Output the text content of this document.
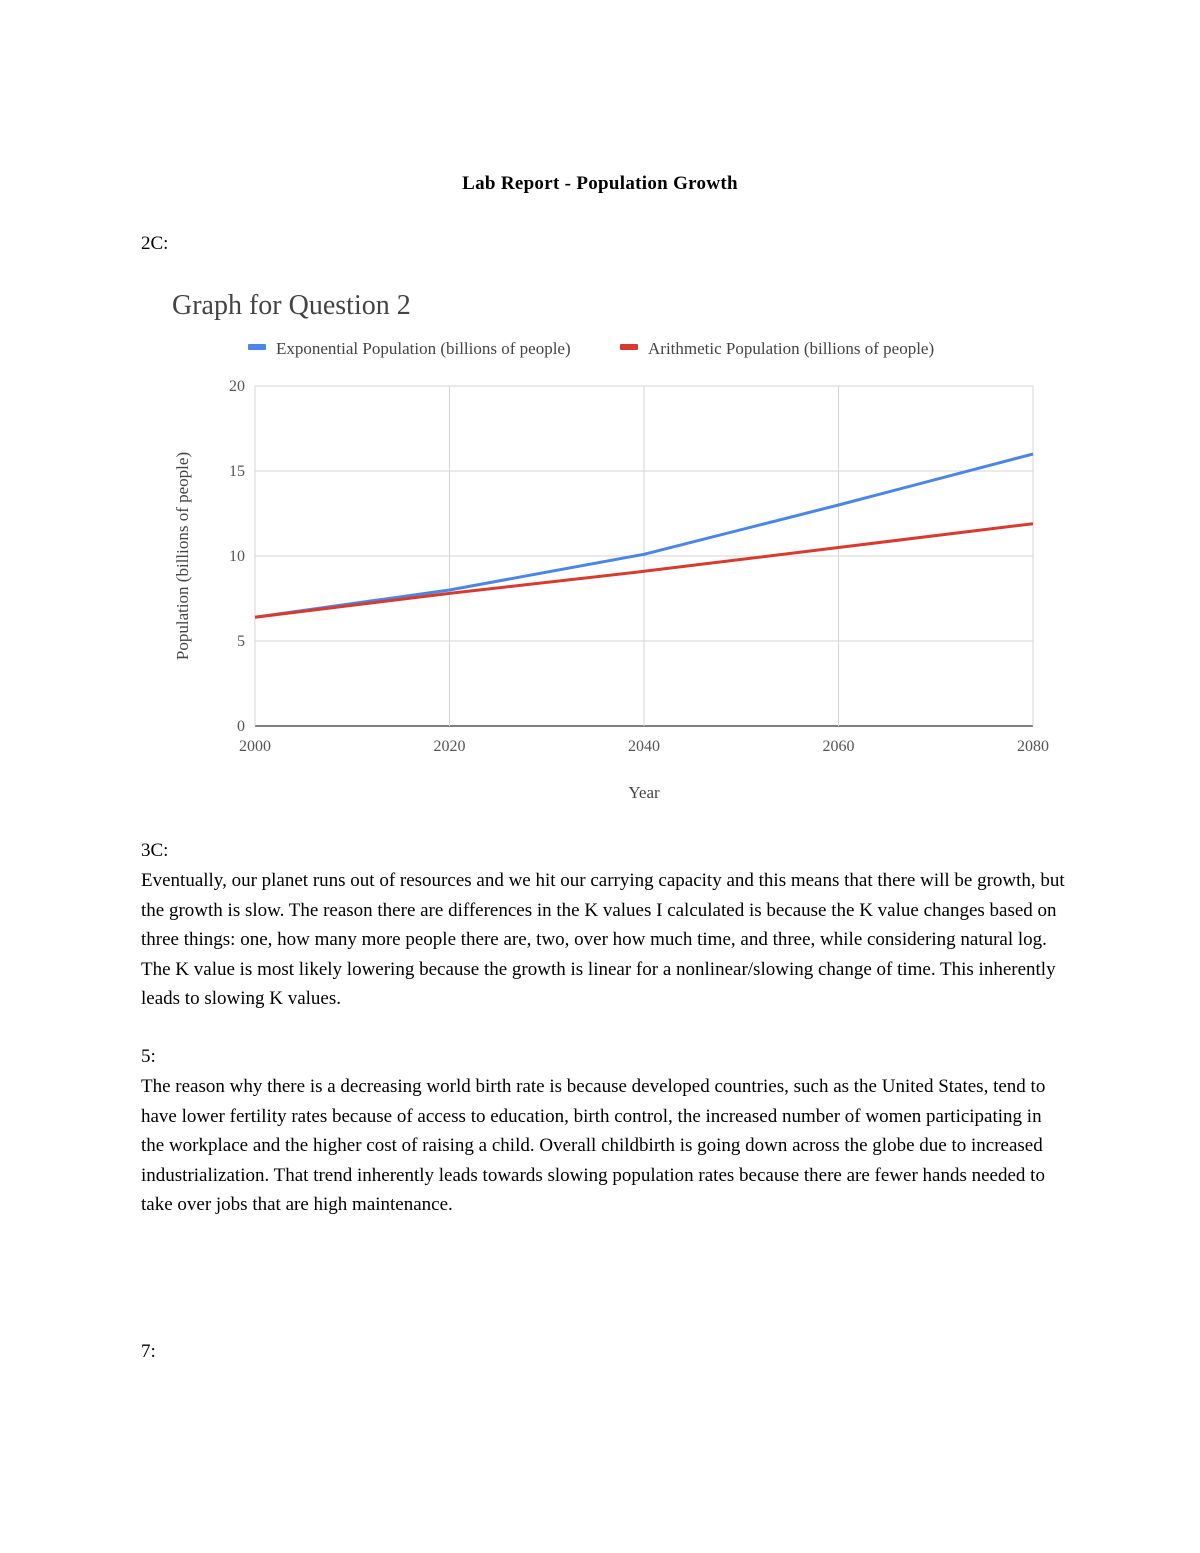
Lab Report - Population Growth
2C:
Graph for Question 2
Exponential Population (billions of people)	Arithmetic Population (billions of people)
0
5
10
15
20
2000	2020	2040	2060	2080
Year
Population (billions of people)
3C:

Eventually, our planet runs out of resources and we hit our carrying capacity and this means that there will be growth, but the growth is slow. The reason there are differences in the K values I calculated is because the K value changes based on three things: one, how many more people there are, two, over how much time, and three, while considering natural log. The K value is most likely lowering because the growth is linear for a nonlinear/slowing change of time. This inherently leads to slowing K values.

5:

The reason why there is a decreasing world birth rate is because developed countries, such as the United States, tend to have lower fertility rates because of access to education, birth control, the increased number of women participating in the workplace and the higher cost of raising a child. Overall childbirth is going down across the globe due to increased industrialization. That trend inherently leads towards slowing population rates because there are fewer hands needed to take over jobs that are high maintenance.

7:
